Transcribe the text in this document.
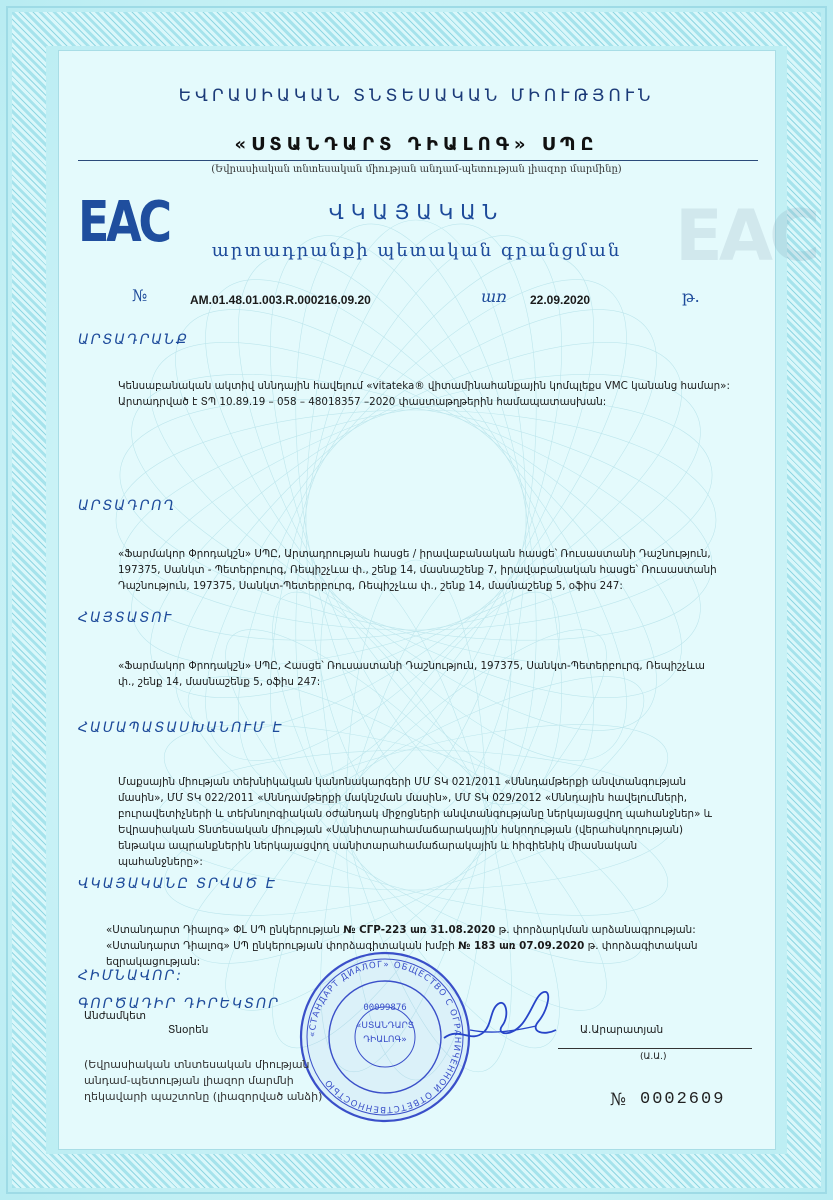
ԵՎՐԱՍԻԱԿԱՆ ՏՆՏԵՍԱԿԱՆ ՄԻՈՒԹՅՈՒՆ
«ՍՏԱՆԴԱՐՏ ԴԻԱԼՈԳ» ՍՊԸ
(Եվրասիական տնտեսական միության անդամ-պետության լիազոր մարմինը)
ЕАС	ЕАС
ՎԿԱՅԱԿԱՆ
արտադրանքի պետական գրանցման
№	AM.01.48.01.003.R.000216.09.20	առ 22.09.2020	թ.
ԱՐՏԱԴՐԱՆՔ
Կենսաբանական ակտիվ սննդային հավելում «vitateka® վիտամինահանքային կոմպլեքս VMC կանանց համար»:
Արտադրված է ՏՊ 10.89.19 – 058 – 48018357 –2020 փաստաթղթերին համապատասխան:
ԱՐՏԱԴՐՈՂ
«Ֆարմակոր Փրոդակշն» ՍՊԸ, Արտադրության հասցե / իրավաբանական հասցե՝ Ռուսաստանի Դաշնություն,
197375, Սանկտ - Պետերբուրգ, Ռեպիշչևա փ., շենք 14, մասնաշենք 7, իրավաբանական հասցե՝ Ռուսաստանի
Դաշնություն, 197375, Սանկտ-Պետերբուրգ, Ռեպիշչևա փ., շենք 14, մասնաշենք 5, օֆիս 247:
ՀԱՅՏԱՏՈՒ
«Ֆարմակոր Փրոդակշն» ՍՊԸ, Հասցե՝ Ռուսաստանի Դաշնություն, 197375, Սանկտ-Պետերբուրգ, Ռեպիշչևա
փ., շենք 14, մասնաշենք 5, օֆիս 247:
ՀԱՄԱՊԱՏԱՍԽԱՆՈՒՄ Է
Մաքսային միության տեխնիկական կանոնակարգերի ՄՄ ՏԿ 021/2011 «Սննդամթերքի անվտանգության
մասին», ՄՄ ՏԿ 022/2011 «Սննդամթերքի մակնշման մասին», ՄՄ ՏԿ 029/2012 «Սննդային հավելումների,
բուրավետիչների և տեխնոլոգիական օժանդակ միջոցների անվտանգությանը ներկայացվող պահանջներ» և
Եվրասիական Տնտեսական միության «Սանիտարահամաճարակային հսկողության (վերահսկողության)
ենթակա ապրանքներին ներկայացվող սանիտարահամաճարակային և հիգիենիկ միասնական
պահանջները»:
ՎԿԱՅԱԿԱՆԸ ՏՐՎԱԾ Է
«Ստանդարտ Դիալոգ» ՓԼ ՍՊ ընկերության № СГР-223 առ 31.08.2020 թ. փորձարկման արձանագրության:
«Ստանդարտ Դիալոգ» ՍՊ ընկերության փորձագիտական խմբի № 183 առ 07.09.2020 թ. փորձագիտական
եզրակացության:
ՀԻՄՆԱՎՈՐ:
ԳՈՐԾԱԴԻՐ ԴԻՐԵԿՏՈՐ
Անժամկետ
Տնօրեն	Ա.Արարատյան
(Ա.Ա.)
«СТАНДАРТ ДИАЛОГ» ОБЩЕСТВО С ОГРАНИЧЕННОЙ ОТВЕТСТВЕННОСТЬЮ
«ՍՏԱՆԴԱՐՏ
ԴԻԱԼՈԳ»
00099876
(Եվրասիական տնտեսական միության
անդամ-պետության լիազոր մարմնի
ղեկավարի պաշտոնը (լիազորված անձի)	№ 0002609
